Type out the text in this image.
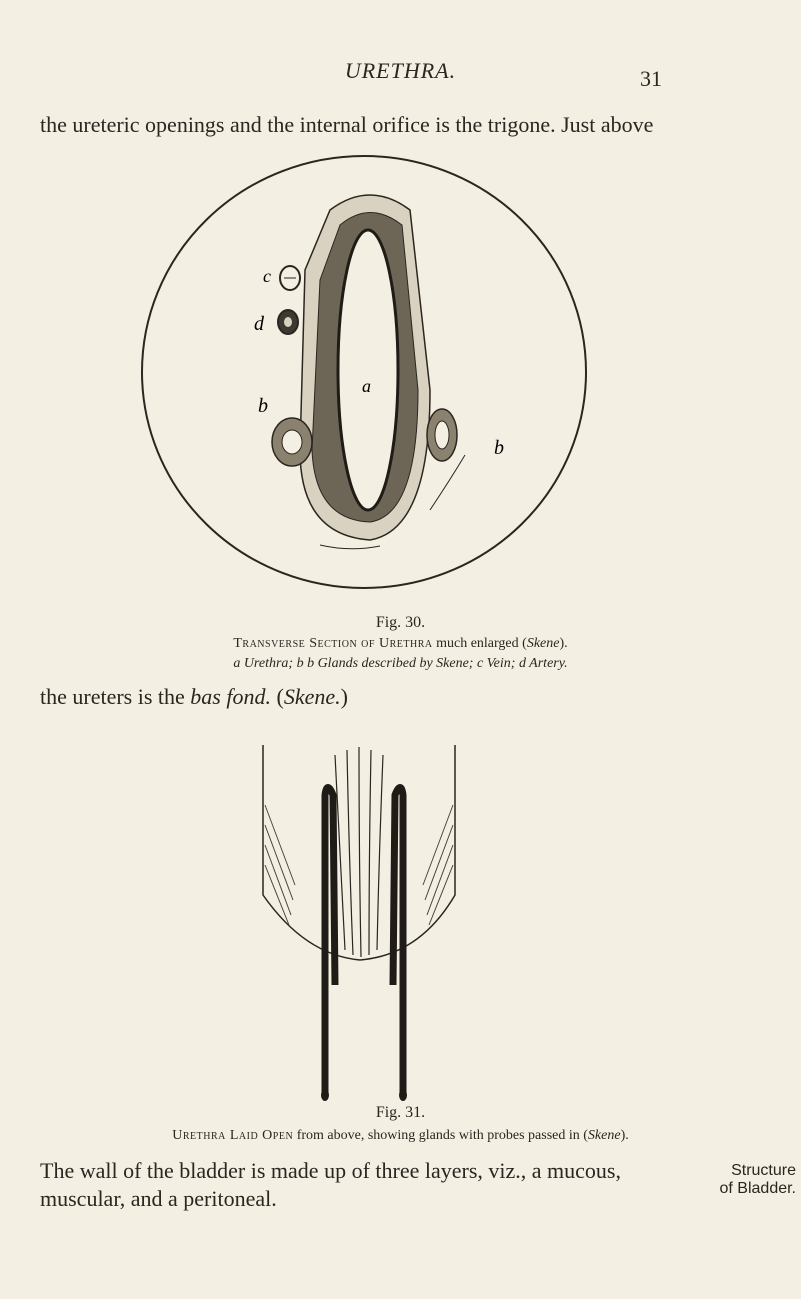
URETHRA.	31
the ureteric openings and the internal orifice is the trigone. Just above
c
d
b
b
a
Fig. 30.
Transverse Section of Urethra much enlarged (Skene).
a Urethra; b b Glands described by Skene; c Vein; d Artery.
the ureters is the bas fond. (Skene.)
Fig. 31.
Urethra Laid Open from above, showing glands with probes passed in (Skene).
The wall of the bladder is made up of three layers, viz., a mucous,
muscular, and a peritoneal.
Structure
of Bladder.
